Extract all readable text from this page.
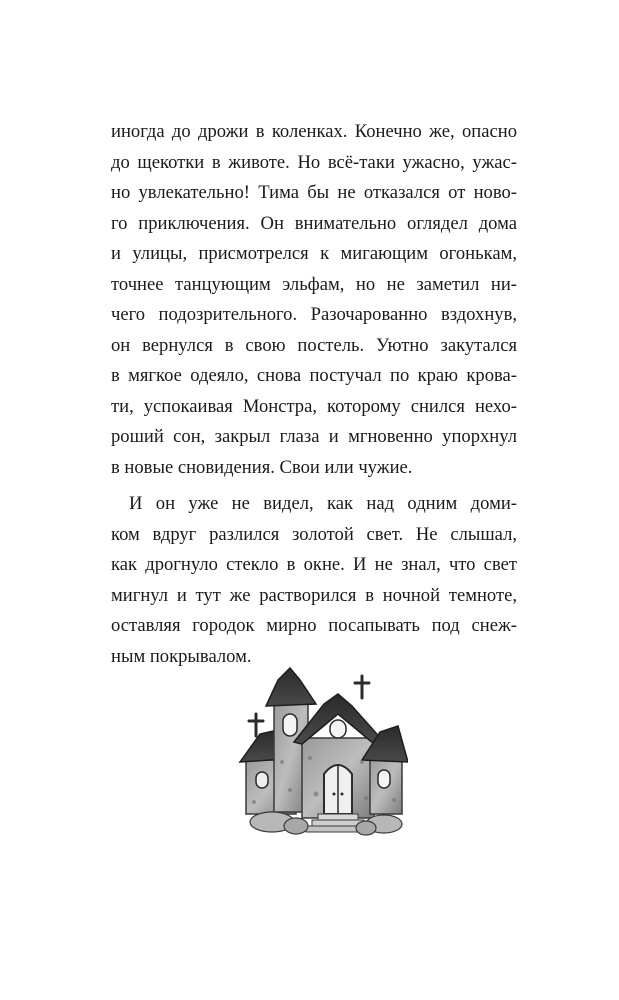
иногда до дрожи в коленках. Конечно же, опасно
до щекотки в животе. Но всё-таки ужасно, ужас-
но увлекательно! Тима бы не отказался от ново-
го приключения. Он внимательно оглядел дома
и улицы, присмотрелся к мигающим огонькам,
точнее танцующим эльфам, но не заметил ни-
чего подозрительного. Разочарованно вздохнув,
он вернулся в свою постель. Уютно закутался
в мягкое одеяло, снова постучал по краю крова-
ти, успокаивая Монстра, которому снился нехо-
роший сон, закрыл глаза и мгновенно упорхнул
в новые сновидения. Свои или чужие.
И он уже не видел, как над одним доми-
ком вдруг разлился золотой свет. Не слышал,
как дрогнуло стекло в окне. И не знал, что свет
мигнул и тут же растворился в ночной темноте,
оставляя городок мирно посапывать под снеж-
ным покрывалом.
